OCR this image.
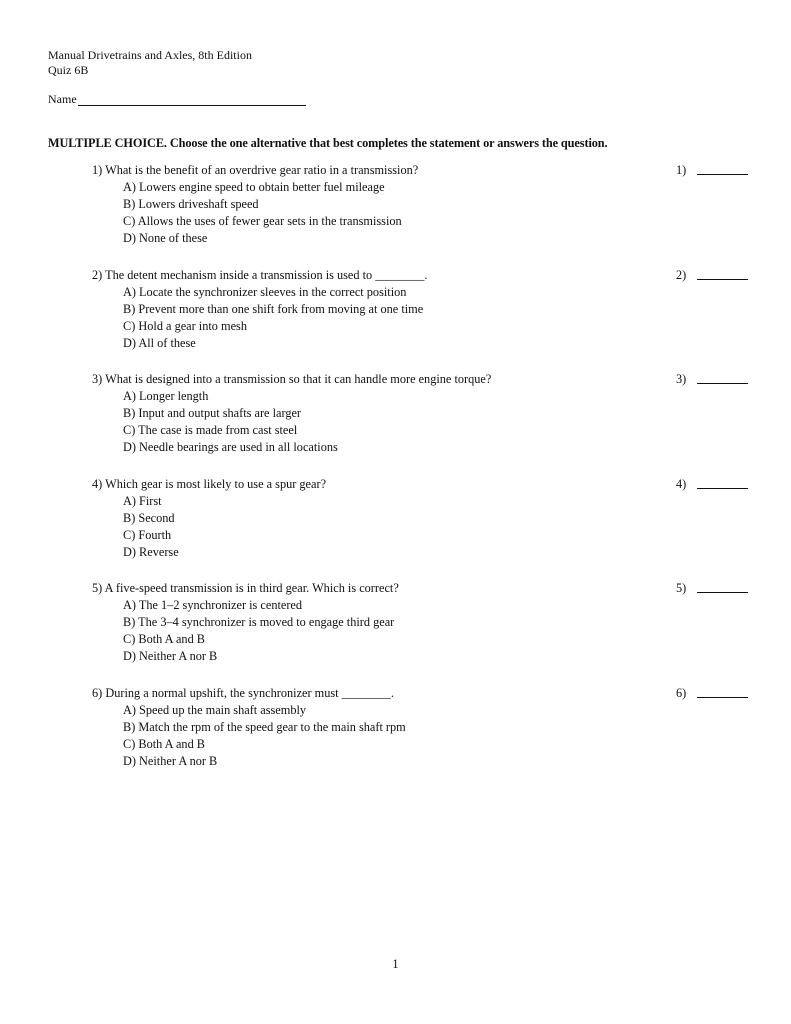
Manual Drivetrains and Axles, 8th Edition
Quiz 6B
Name
MULTIPLE CHOICE. Choose the one alternative that best completes the statement or answers the question.
1) What is the benefit of an overdrive gear ratio in a transmission?
A) Lowers engine speed to obtain better fuel mileage
B) Lowers driveshaft speed
C) Allows the uses of fewer gear sets in the transmission
D) None of these
1)
2) The detent mechanism inside a transmission is used to ________.
A) Locate the synchronizer sleeves in the correct position
B) Prevent more than one shift fork from moving at one time
C) Hold a gear into mesh
D) All of these
2)
3) What is designed into a transmission so that it can handle more engine torque?
A) Longer length
B) Input and output shafts are larger
C) The case is made from cast steel
D) Needle bearings are used in all locations
3)
4) Which gear is most likely to use a spur gear?
A) First
B) Second
C) Fourth
D) Reverse
4)
5) A five-speed transmission is in third gear. Which is correct?
A) The 1–2 synchronizer is centered
B) The 3–4 synchronizer is moved to engage third gear
C) Both A and B
D) Neither A nor B
5)
6) During a normal upshift, the synchronizer must ________.
A) Speed up the main shaft assembly
B) Match the rpm of the speed gear to the main shaft rpm
C) Both A and B
D) Neither A nor B
6)
1
